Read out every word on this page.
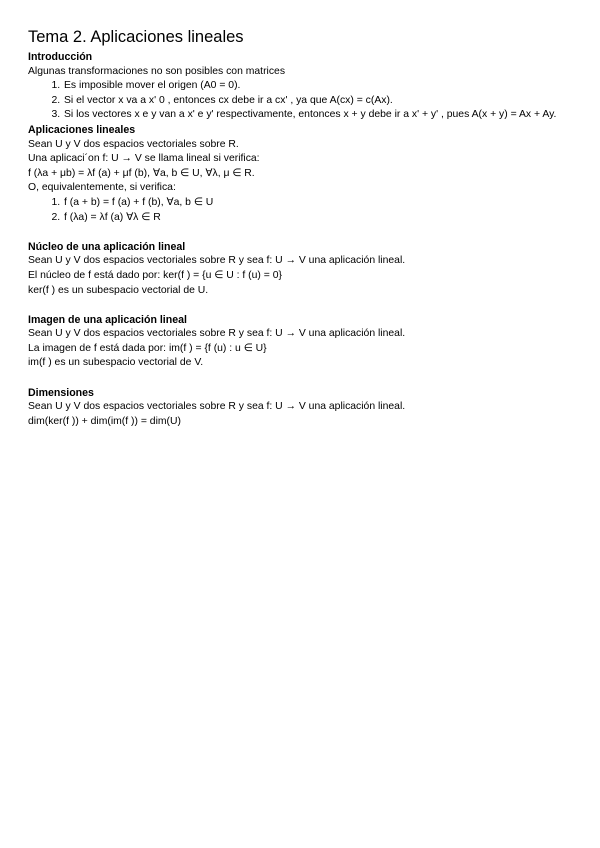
Tema 2. Aplicaciones lineales
Introducción

Algunas transformaciones no son posibles con matrices

1. Es imposible mover el origen (A0 = 0).
2. Si el vector x va a x' 0 , entonces cx debe ir a cx' , ya que A(cx) = c(Ax).
3. Si los vectores x e y van a x' e y' respectivamente, entonces x + y debe ir a x' + y' , pues A(x + y) = Ax + Ay.
Aplicaciones lineales

Sean U y V dos espacios vectoriales sobre R.

Una aplicaci´on f: U → V se llama lineal si verifica:

f (λa + μb) = λf (a) + μf (b), ∀a, b ∈ U, ∀λ, μ ∈ R.

O, equivalentemente, si verifica:

1. f (a + b) = f (a) + f (b), ∀a, b ∈ U
2. f (λa) = λf (a) ∀λ ∈ R
Núcleo de una aplicación lineal

Sean U y V dos espacios vectoriales sobre R y sea f: U → V una aplicación lineal.

El núcleo de f está dado por: ker(f ) = {u ∈ U : f (u) = 0}

ker(f ) es un subespacio vectorial de U.

Imagen de una aplicación lineal

Sean U y V dos espacios vectoriales sobre R y sea f: U → V una aplicación lineal.

La imagen de f está dada por: im(f ) = {f (u) : u ∈ U}

im(f ) es un subespacio vectorial de V.

Dimensiones

Sean U y V dos espacios vectoriales sobre R y sea f: U → V una aplicación lineal.

dim(ker(f )) + dim(im(f )) = dim(U)
